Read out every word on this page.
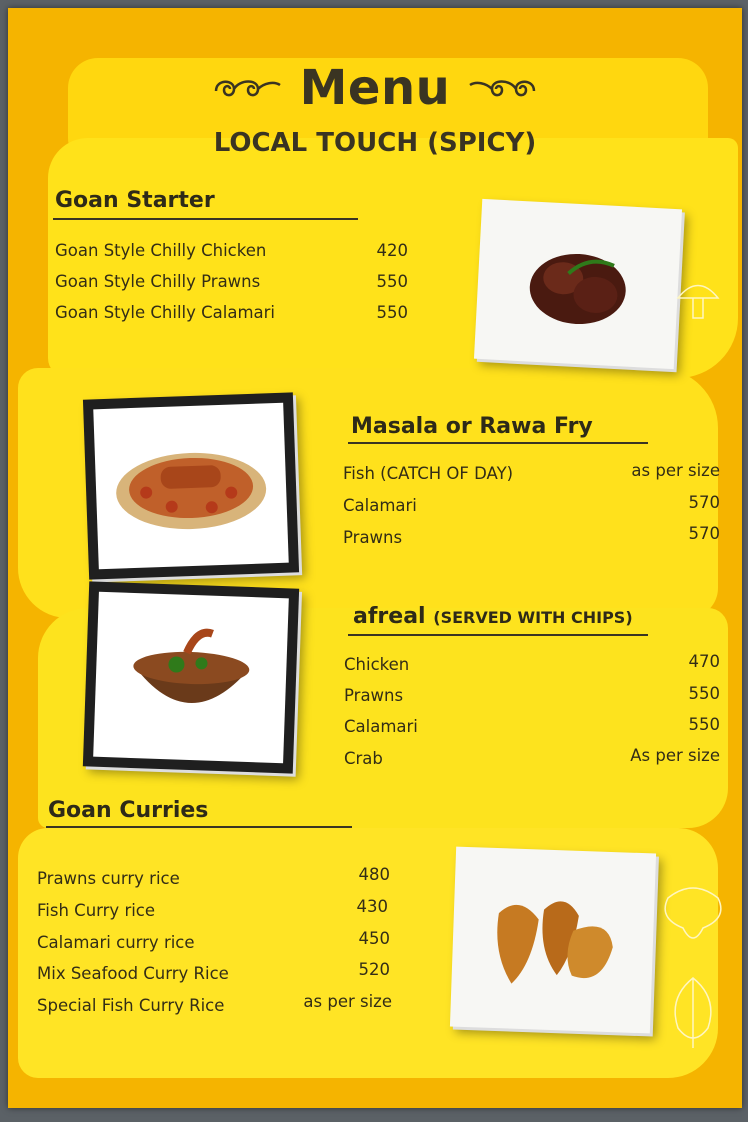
Menu
LOCAL TOUCH (SPICY)
Goan Starter
Goan Style Chilly Chicken	420
Goan Style Chilly Prawns	550
Goan Style Chilly Calamari	550
Masala or Rawa Fry
Fish (CATCH OF DAY)	as per size
Calamari	570
Prawns	570
afreal (SERVED WITH CHIPS)
Chicken	470
Prawns	550
Calamari	550
Crab	As per size
Goan Curries
Prawns curry rice	480
Fish Curry rice	430
Calamari curry rice	450
Mix Seafood Curry Rice	520
Special Fish Curry Rice	as per size
